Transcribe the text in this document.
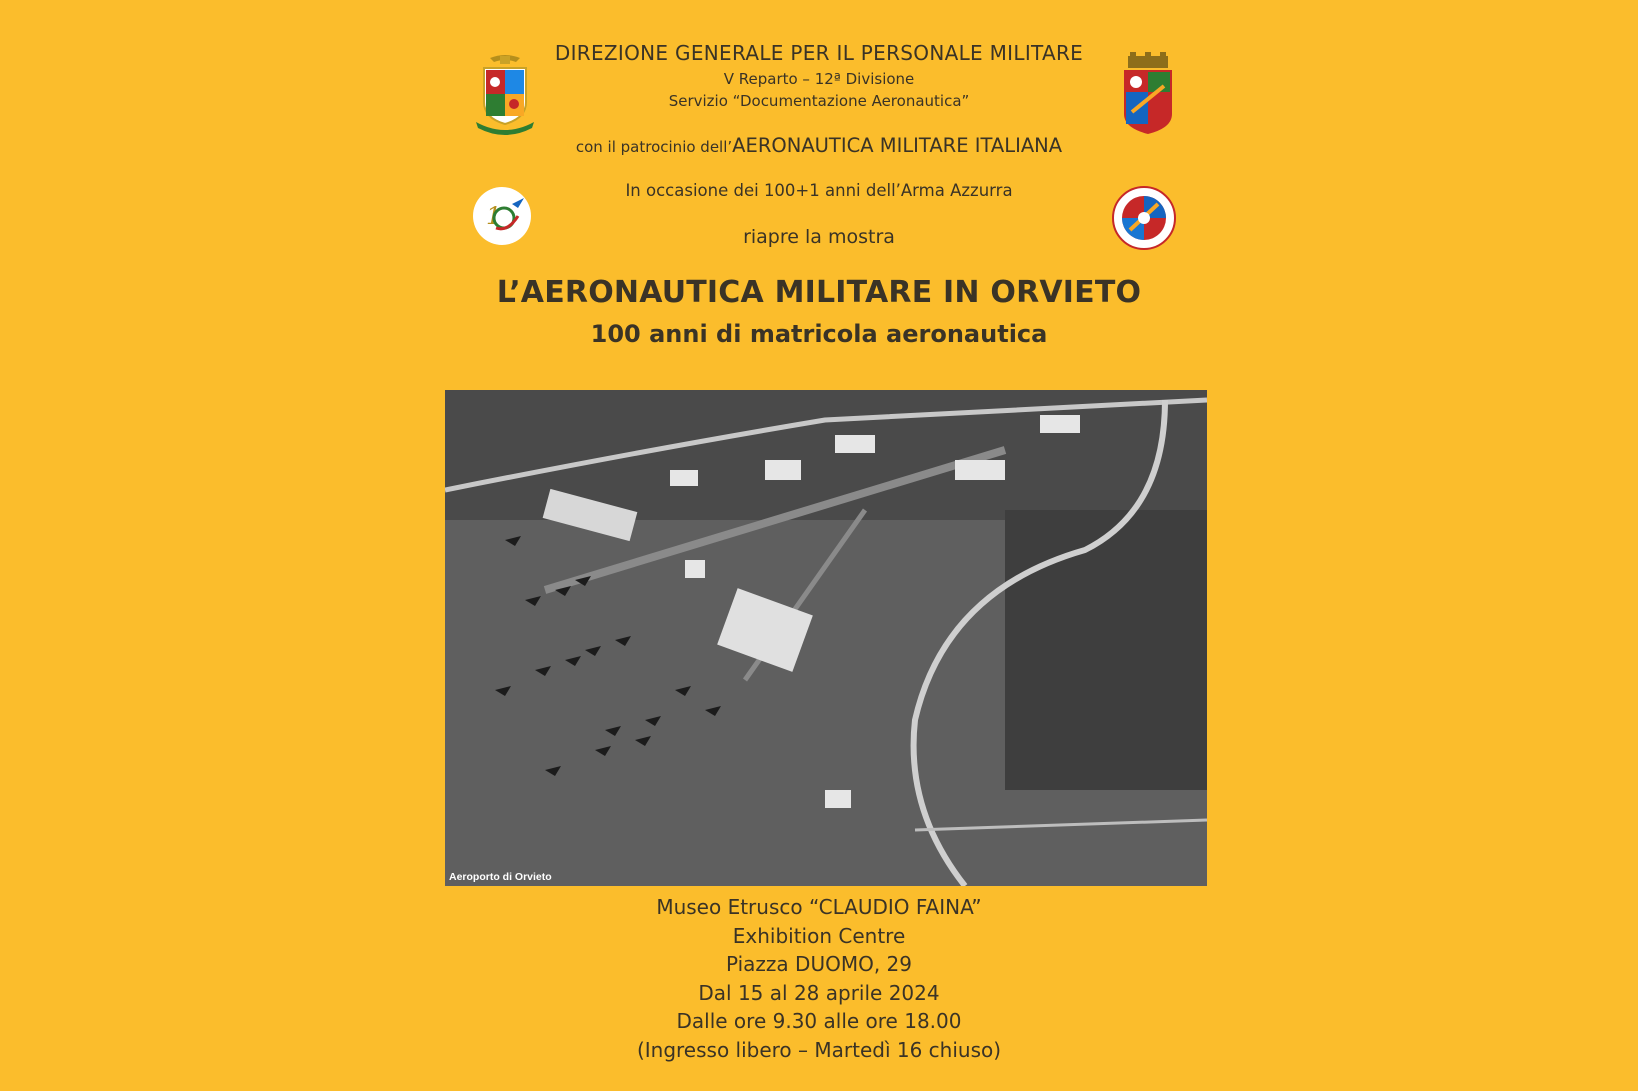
1
DIREZIONE GENERALE PER IL PERSONALE MILITARE
V Reparto – 12ª Divisione
Servizio “Documentazione Aeronautica”
con il patrocinio dell’AERONAUTICA MILITARE ITALIANA
In occasione dei 100+1 anni dell’Arma Azzurra
riapre la mostra
L’AERONAUTICA MILITARE IN ORVIETO
100 anni di matricola aeronautica
Aeroporto di Orvieto
Museo Etrusco “CLAUDIO FAINA”
Exhibition Centre
Piazza DUOMO, 29
Dal 15 al 28 aprile 2024
Dalle ore 9.30 alle ore 18.00
(Ingresso libero – Martedì 16 chiuso)
